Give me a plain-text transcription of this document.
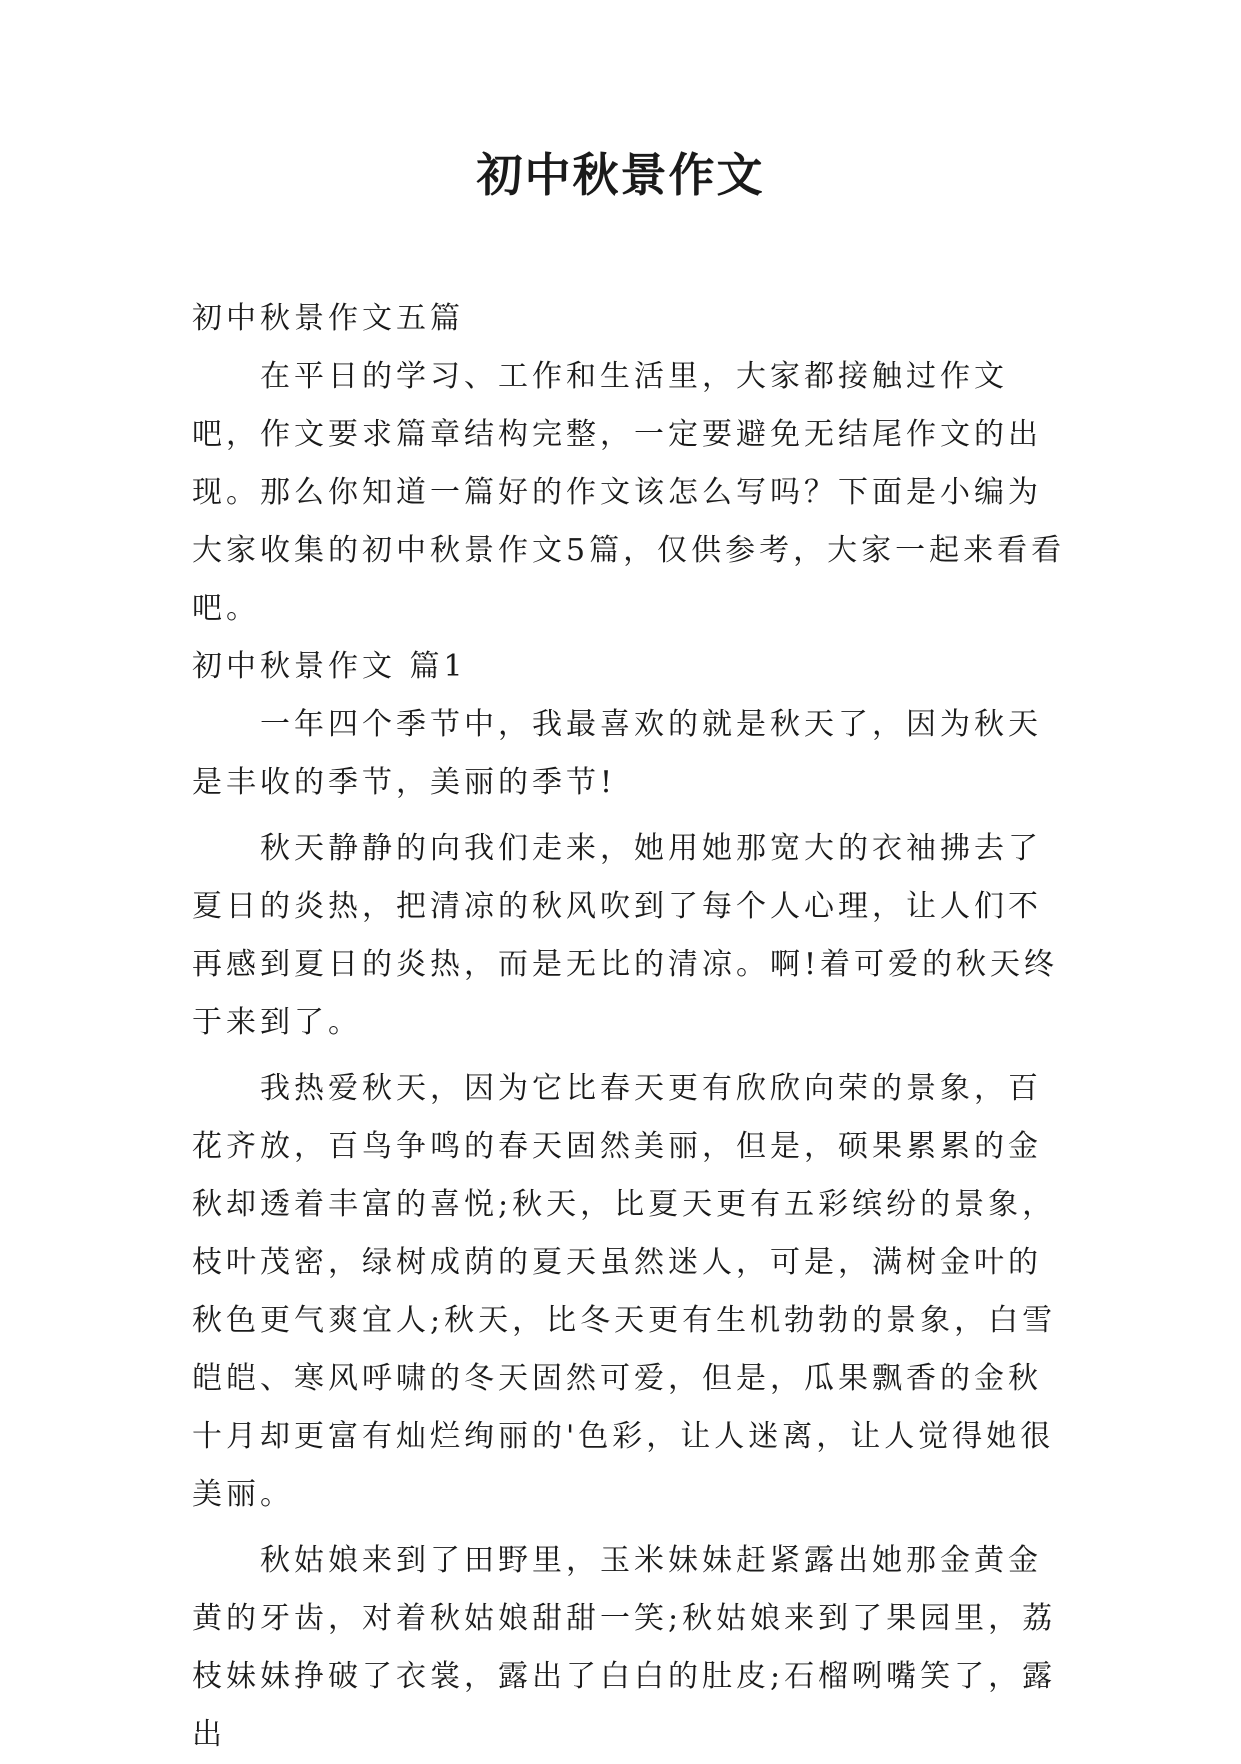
初中秋景作文

初中秋景作文五篇

在平日的学习、工作和生活里，大家都接触过作文吧，作文要求篇章结构完整，一定要避免无结尾作文的出现。那么你知道一篇好的作文该怎么写吗？下面是小编为大家收集的初中秋景作文5篇，仅供参考，大家一起来看看吧。

初中秋景作文 篇1

一年四个季节中，我最喜欢的就是秋天了，因为秋天是丰收的季节，美丽的季节!

秋天静静的向我们走来，她用她那宽大的衣袖拂去了夏日的炎热，把清凉的秋风吹到了每个人心理，让人们不再感到夏日的炎热，而是无比的清凉。啊!着可爱的秋天终于来到了。

我热爱秋天，因为它比春天更有欣欣向荣的景象，百花齐放，百鸟争鸣的春天固然美丽，但是，硕果累累的金秋却透着丰富的喜悦;秋天，比夏天更有五彩缤纷的景象，枝叶茂密，绿树成荫的夏天虽然迷人，可是，满树金叶的秋色更气爽宜人;秋天，比冬天更有生机勃勃的景象，白雪皑皑、寒风呼啸的冬天固然可爱，但是，瓜果飘香的金秋十月却更富有灿烂绚丽的'色彩，让人迷离，让人觉得她很美丽。

秋姑娘来到了田野里，玉米妹妹赶紧露出她那金黄金黄的牙齿，对着秋姑娘甜甜一笑;秋姑娘来到了果园里，荔枝妹妹挣破了衣裳，露出了白白的肚皮;石榴咧嘴笑了，露出
